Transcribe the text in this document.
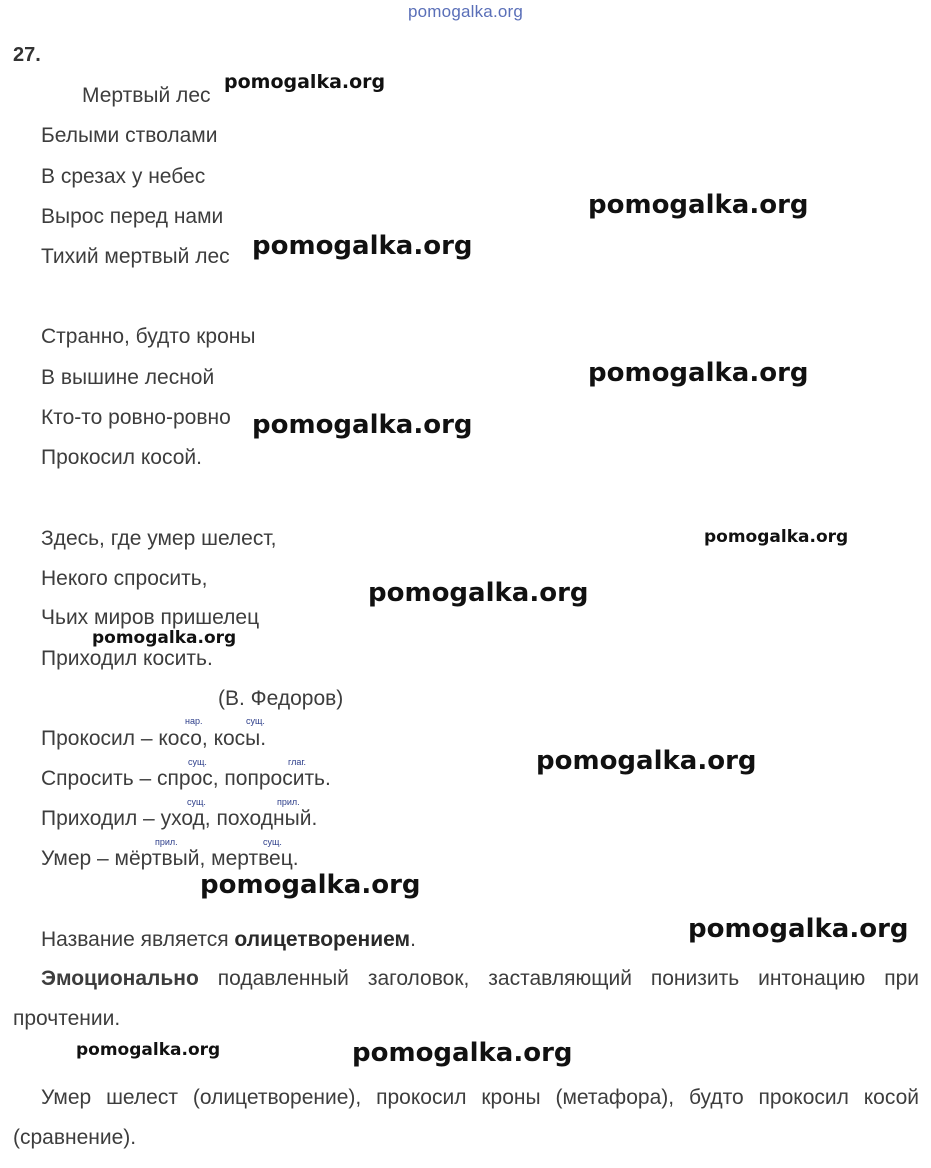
pomogalka.org
27.
Мертвый лес
Белыми стволами
В срезах у небес
Вырос перед нами
Тихий мертвый лес
Странно, будто кроны
В вышине лесной
Кто-то ровно-ровно
Прокосил косой.
Здесь, где умер шелест,
Некого спросить,
Чьих миров пришелец
Приходил косить.
(В. Федоров)
нар.	сущ.
Прокосил – косо, косы.
сущ.	глаг.
Спросить – спрос, попросить.
сущ.	прил.
Приходил – уход, походный.
прил.	сущ.
Умер – мёртвый, мертвец.
Название является олицетворением.
Эмоционально подавленный заголовок, заставляющий понизить интонацию при прочтении.
Умер шелест (олицетворение), прокосил кроны (метафора), будто прокосил косой (сравнение).
pomogalka.org
pomogalka.org
pomogalka.org
pomogalka.org
pomogalka.org
pomogalka.org
pomogalka.org
pomogalka.org
pomogalka.org
pomogalka.org
pomogalka.org
pomogalka.org	pomogalka.org
